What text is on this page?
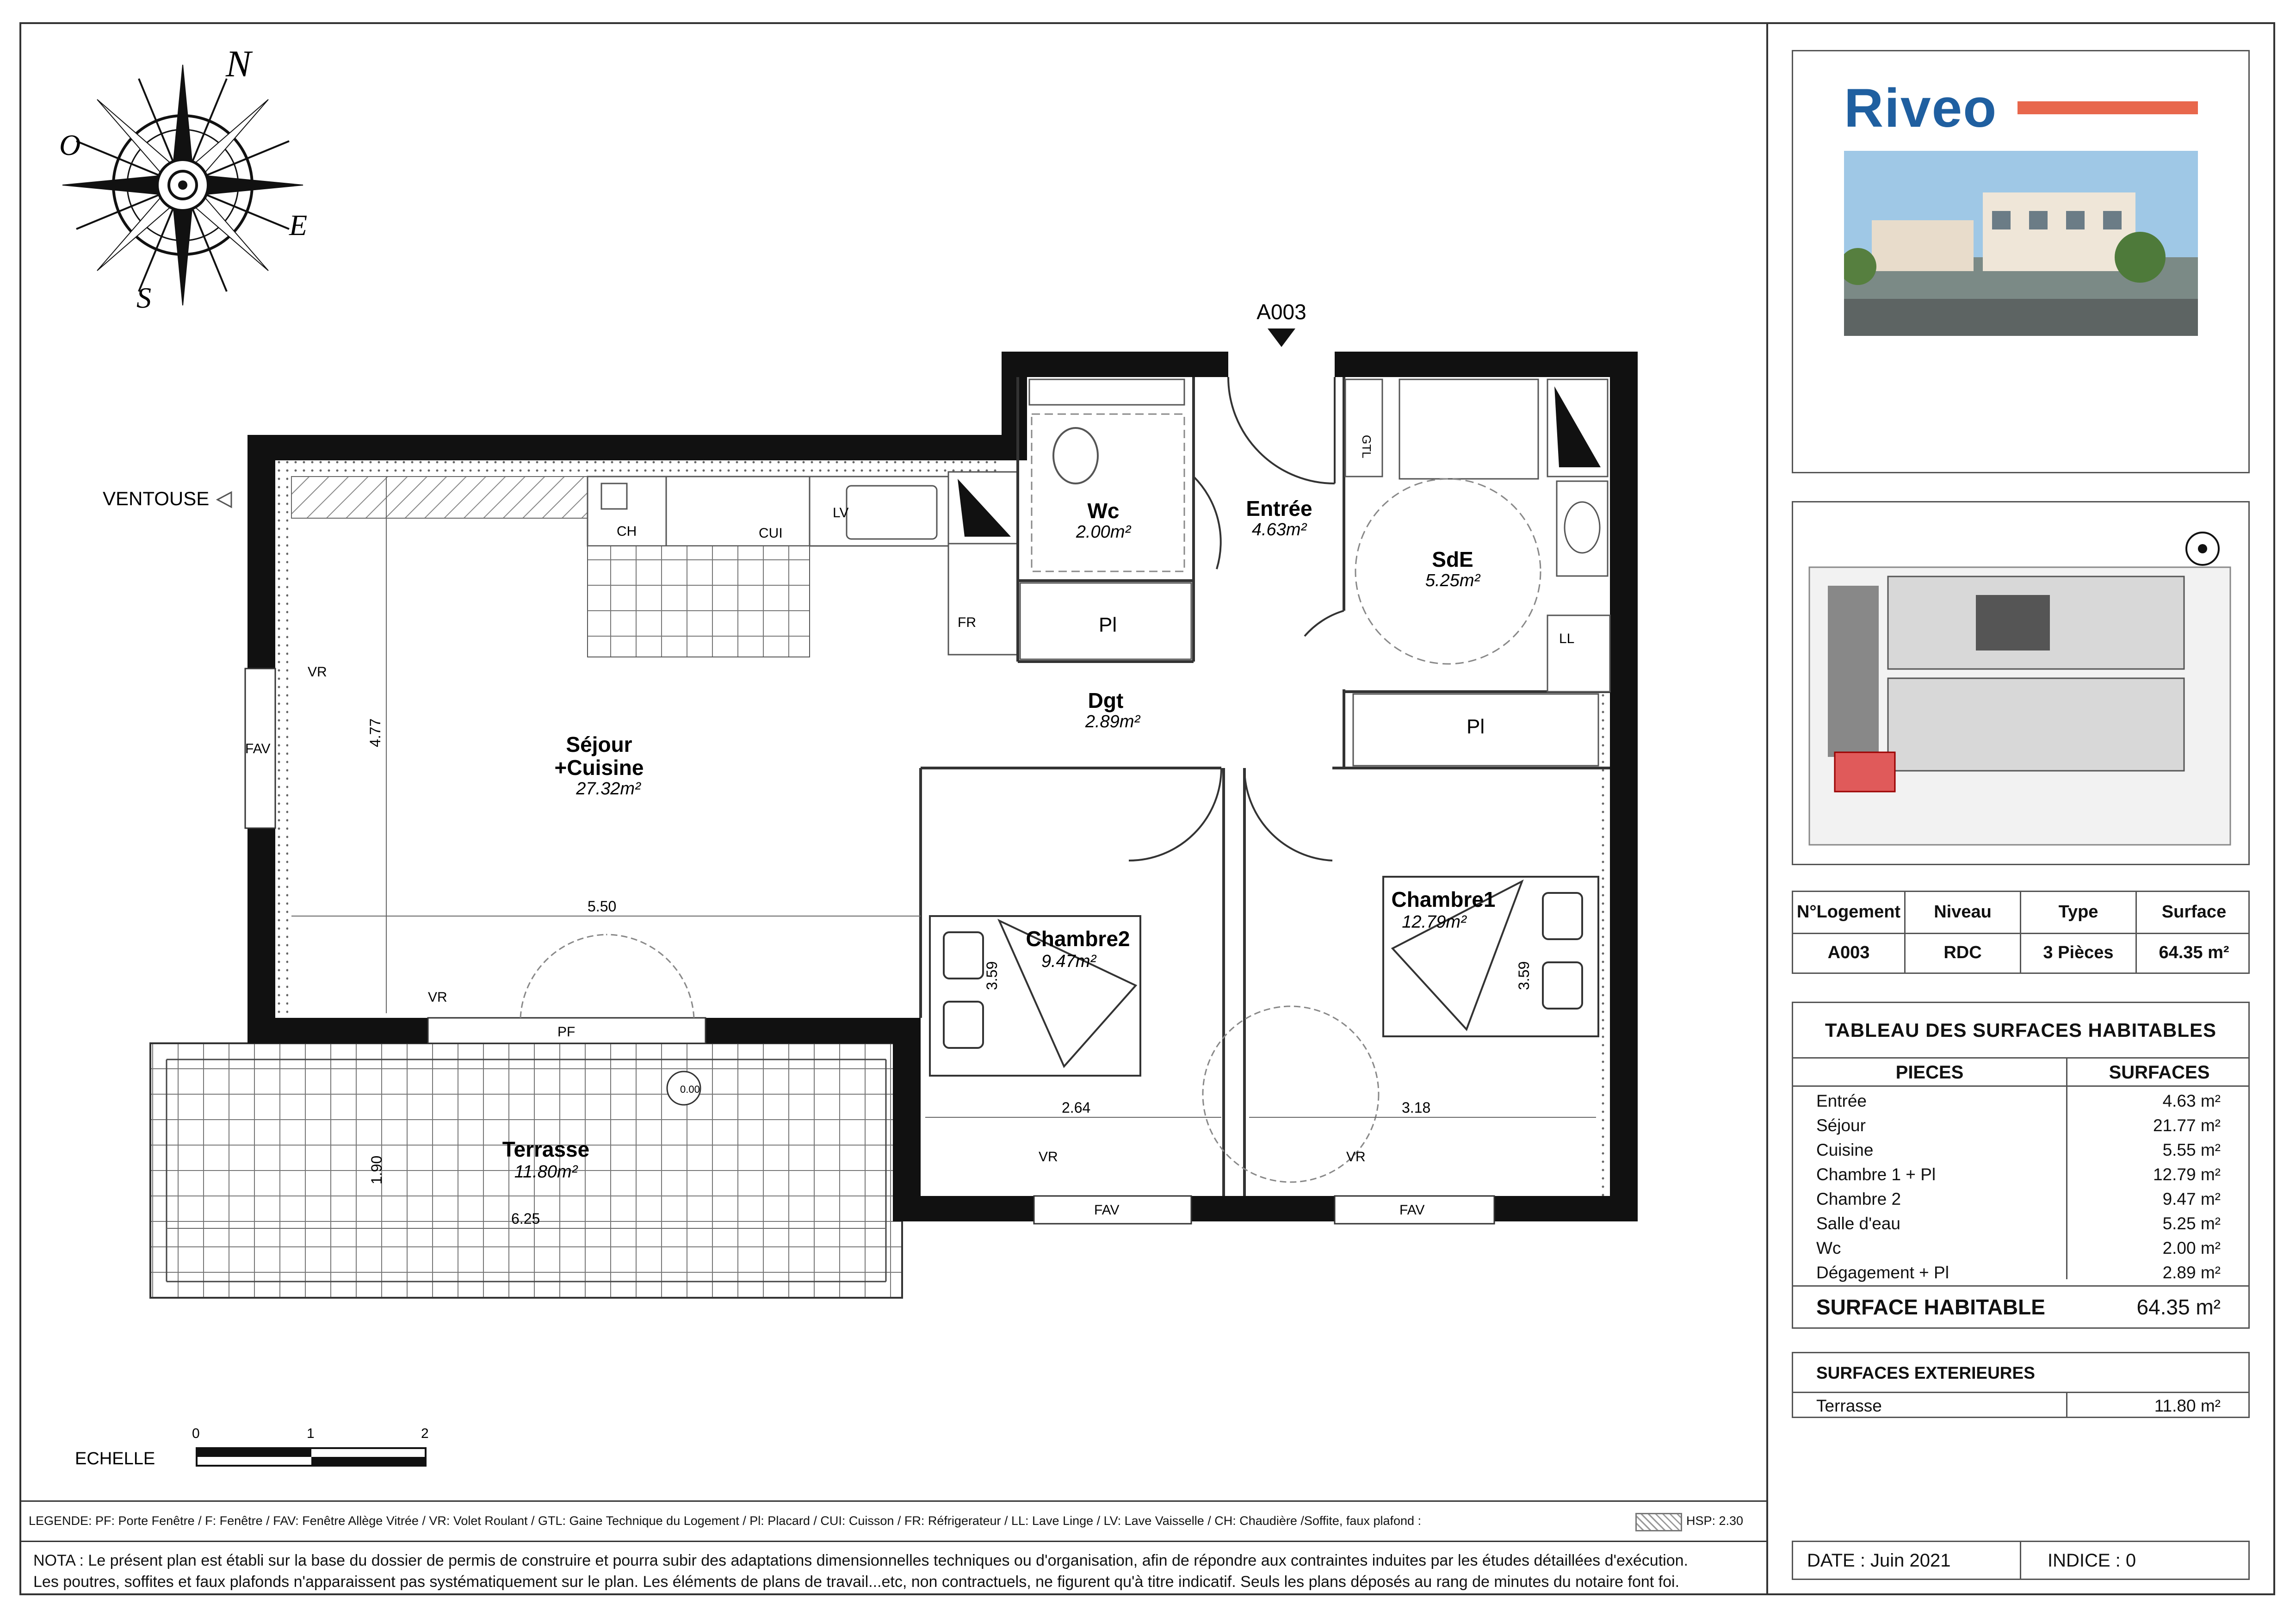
N
E
S
O
A003
VENTOUSE
Wc
2.00m²
Entrée
4.63m²
SdE
5.25m²
Séjour
+Cuisine
27.32m²
Dgt
2.89m²
Chambre2
9.47m²
Chambre1
12.79m²
Terrasse
11.80m²
CH	CUI
LV
FR
GTL
LL
Pl
Pl
VR
FAV
VR
PF
VR
FAV
VR
FAV
4.77
5.50
2.64
3.59
3.18
3.59
1.90
6.25
0.00
ECHELLE
0	1	2
LEGENDE: PF: Porte Fenêtre / F: Fenêtre / FAV: Fenêtre Allège Vitrée / VR: Volet Roulant / GTL: Gaine Technique du Logement / Pl: Placard / CUI: Cuisson / FR: Réfrigerateur / LL: Lave Linge / LV: Lave Vaisselle / CH: Chaudière /Soffite, faux plafond :	HSP: 2.30
NOTA : Le présent plan est établi sur la base du dossier de permis de construire et pourra subir des adaptations dimensionnelles techniques ou d'organisation, afin de répondre aux contraintes induites par les études détaillées d'exécution.
Les poutres, soffites et faux plafonds n'apparaissent pas systématiquement sur le plan. Les éléments de plans de travail...etc, non contractuels, ne figurent qu'à titre indicatif. Seuls les plans déposés au rang de minutes du notaire font foi.
Riveo
N°Logement	Niveau	Type	Surface
A003	RDC	3 Pièces	64.35 m²
TABLEAU DES SURFACES HABITABLES
PIECES	SURFACES
Entrée	4.63 m²
Séjour	21.77 m²
Cuisine	5.55 m²
Chambre 1 + Pl	12.79 m²
Chambre 2	9.47 m²
Salle d'eau	5.25 m²
Wc	2.00 m²
Dégagement + Pl	2.89 m²
SURFACE HABITABLE	64.35 m²
SURFACES EXTERIEURES
Terrasse	11.80 m²
DATE : Juin 2021	INDICE : 0
